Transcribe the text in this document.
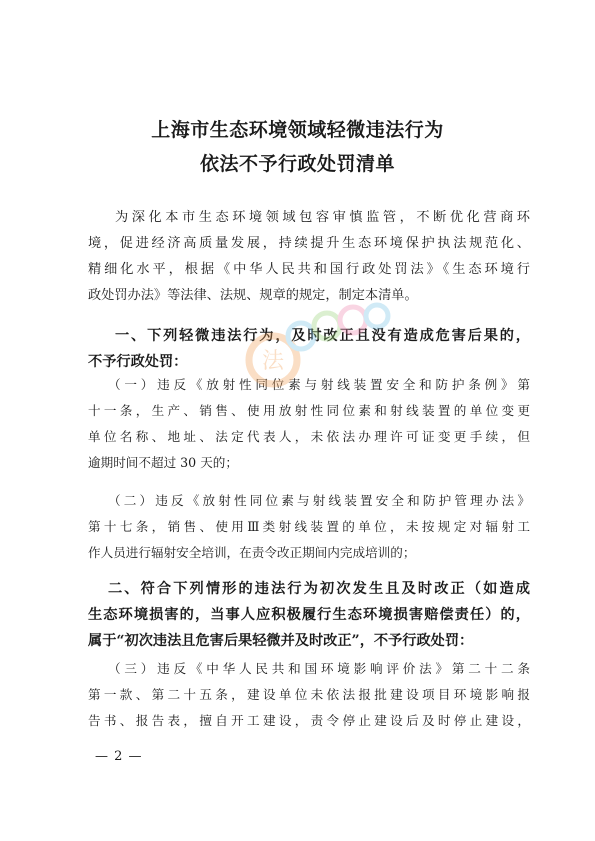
上海市生态环境领域轻微违法行为
依法不予行政处罚清单

为深化本市生态环境领域包容审慎监管，不断优化营商环
境，促进经济高质量发展，持续提升生态环境保护执法规范化、
精细化水平，根据《中华人民共和国行政处罚法》《生态环境行
政处罚办法》等法律、法规、规章的规定，制定本清单。

一、下列轻微违法行为，及时改正且没有造成危害后果的，
不予行政处罚：

（一）违反《放射性同位素与射线装置安全和防护条例》第
十一条，生产、销售、使用放射性同位素和射线装置的单位变更
单位名称、地址、法定代表人，未依法办理许可证变更手续，但
逾期时间不超过 30 天的；

（二）违反《放射性同位素与射线装置安全和防护管理办法》
第十七条，销售、使用Ⅲ类射线装置的单位，未按规定对辐射工
作人员进行辐射安全培训，在责令改正期间内完成培训的；

二、符合下列情形的违法行为初次发生且及时改正（如造成
生态环境损害的，当事人应积极履行生态环境损害赔偿责任）的，
属于“初次违法且危害后果轻微并及时改正”，不予行政处罚：

（三）违反《中华人民共和国环境影响评价法》第二十二条
第一款、第二十五条，建设单位未依法报批建设项目环境影响报
告书、报告表，擅自开工建设，责令停止建设后及时停止建设，

— 2 —
法
